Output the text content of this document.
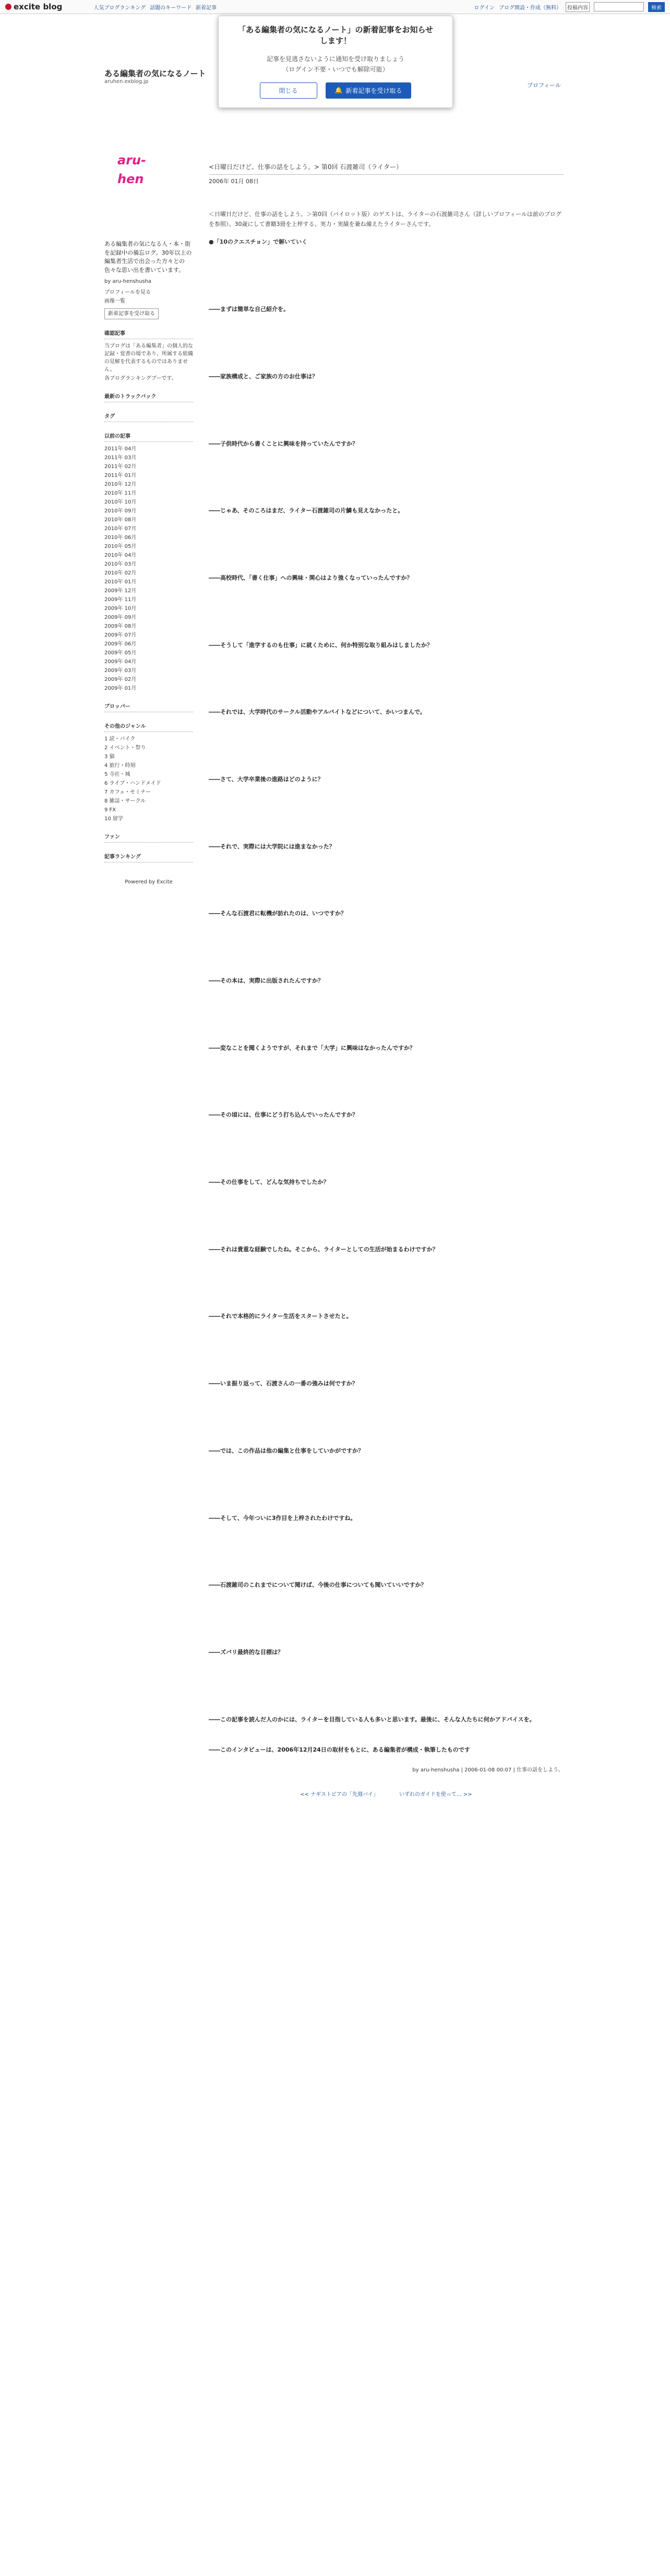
excite blog	人気ブログランキング 話題のキーワード 新着記事	ログイン ブログ開設・作成（無料）	投稿内容	検索
ある編集者の気になるノート
aruhen.exblog.jp
プロフィール
「ある編集者の気になるノート」の新着記事をお知らせ
します！
記事を見逃さないように通知を受け取りましょう
（ログイン不要・いつでも解除可能）
閉じる	🔔 新着記事を受け取る
aru-hen
ある編集者の気になる人・本・街を記録中の備忘ログ。30年以上の編集者生活で出会った方々との色々な思い出を書いています。
by aru-henshusha
プロフィールを見る
画像一覧
新着記事を受け取る
確認記事
当ブログは「ある編集者」の個人的な記録・覚書の場であり、所属する組織の見解を代表するものではありません。
各ブログランキングブーです。
最新のトラックバック
タグ
以前の記事
2011年 04月
2011年 03月
2011年 02月
2011年 01月
2010年 12月
2010年 11月
2010年 10月
2010年 09月
2010年 08月
2010年 07月
2010年 06月
2010年 05月
2010年 04月
2010年 03月
2010年 02月
2010年 01月
2009年 12月
2009年 11月
2009年 10月
2009年 09月
2009年 08月
2009年 07月
2009年 06月
2009年 05月
2009年 04月
2009年 03月
2009年 02月
2009年 01月
ブロッパー
その他のジャンル
1 読・バイク
2 イベント・祭り
3 猫
4 旅行・時刻
5 寺社・城
6 ライブ・ハンドメイド
7 カフェ・セミナー
8 雑誌・サークル
9 FX
10 留学
ファン
記事ランキング
Powered by Excite
<日曜日だけど、仕事の話をしよう。> 第0回 石渡雑司（ライター）
2006年 01月 08日
＜日曜日だけど、仕事の話をしよう。＞第0回（パイロット版）のゲストは、ライターの石渡雑司さん（詳しいプロフィールは前のブログを参照）。30歳にして書籍3冊を上梓する、実力・実績を兼ね備えたライターさんです。
●「10のクエスチョン」で解いていく
――まずは簡単な自己紹介を。
――家族構成と、ご家族の方のお仕事は？
――子供時代から書くことに興味を持っていたんですか？
――じゃあ、そのころはまだ、ライター石渡雑司の片鱗も見えなかったと。
――高校時代、「書く仕事」への興味・関心はより強くなっていったんですか？
――そうして「進学するのも仕事」に就くために、何か特別な取り組みはしましたか？
――それでは、大学時代のサークル活動やアルバイトなどについて、かいつまんで。
――さて、大学卒業後の進路はどのように？
――それで、実際には大学院には進まなかった？
――そんな石渡君に転機が訪れたのは、いつですか？
――その本は、実際に出版されたんですか？
――変なことを聞くようですが、それまで「大学」に興味はなかったんですか？
――その頃には、仕事にどう打ち込んでいったんですか？
――その仕事をして、どんな気持ちでしたか？
――それは貴重な経験でしたね。そこから、ライターとしての生活が始まるわけですか？
――それで本格的にライター生活をスタートさせたと。
――いま振り返って、石渡さんの一番の強みは何ですか？
――では、この作品は他の編集と仕事をしていかがですか？
――そして、今年ついに3作目を上梓されたわけですね。
――石渡雑司のこれまでについて聞けば、今後の仕事についても聞いていいですか？
――ズバリ最終的な目標は？
――この記事を読んだ人のかには、ライターを目指している人も多いと思います。最後に、そんな人たちに何かアドバイスを。
――このインタビューは、2006年12月24日の取材をもとに、ある編集者が構成・執筆したものです
by aru-henshusha | 2006-01-08 00:07 | 仕事の話をしよう。
<< ナギストピアの「先週バイ」	いずれのガイドを使って… >>
